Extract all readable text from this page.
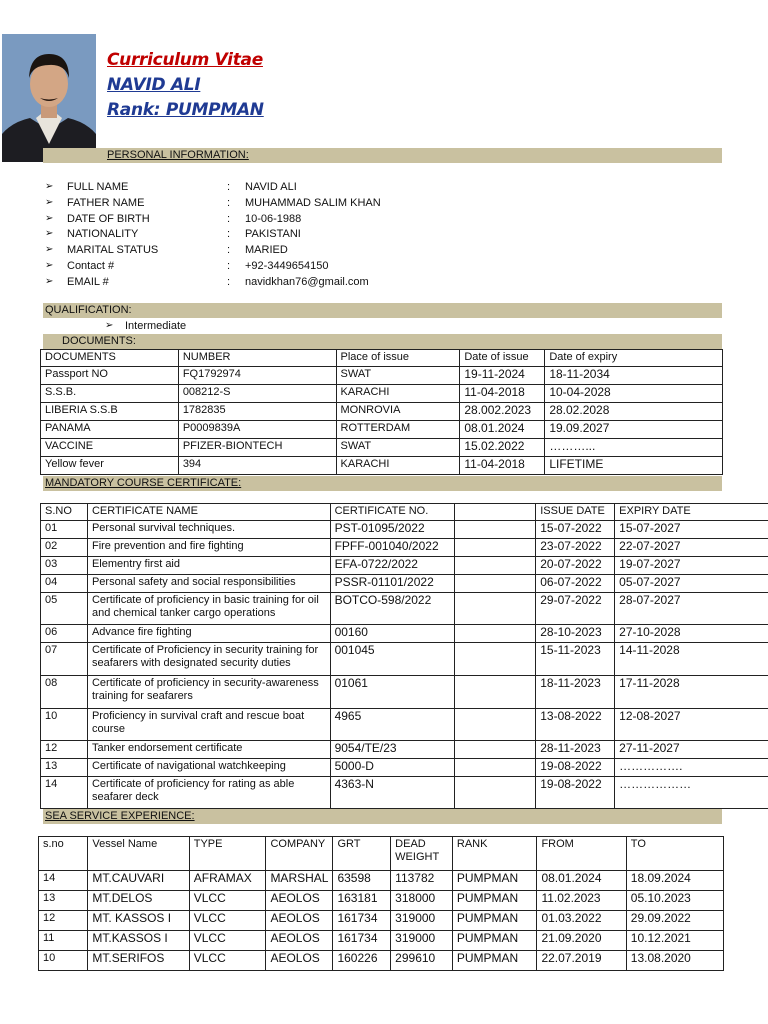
Curriculum Vitae
NAVID ALI
Rank: PUMPMAN
PERSONAL INFORMATION:
➢ FULL NAME	: NAVID ALI
➢ FATHER NAME	: MUHAMMAD SALIM KHAN
➢ DATE OF BIRTH	: 10-06-1988
➢ NATIONALITY	: PAKISTANI
➢ MARITAL STATUS	: MARIED
➢ Contact #	: +92-3449654150
➢ EMAIL #	: navidkhan76@gmail.com
QUALIFICATION:
➢ Intermediate
DOCUMENTS:
DOCUMENTS	NUMBER	Place of issue	Date of issue	Date of expiry
Passport NO	FQ1792974	SWAT	19-11-2024	18-11-2034
S.S.B.	008212-S	KARACHI	11-04-2018	10-04-2028
LIBERIA S.S.B	1782835	MONROVIA	28.002.2023	28.02.2028
PANAMA	P0009839A	ROTTERDAM	08.01.2024	19.09.2027
VACCINE	PFIZER-BIONTECH	SWAT	15.02.2022	………...
Yellow fever	394	KARACHI	11-04-2018	LIFETIME
MANDATORY COURSE CERTIFICATE:
S.NO	CERTIFICATE NAME	CERTIFICATE NO.		ISSUE DATE	EXPIRY DATE
01	Personal survival techniques.	PST-01095/2022		15-07-2022	15-07-2027
02	Fire prevention and fire fighting	FPFF-001040/2022		23-07-2022	22-07-2027
03	Elementry first aid	EFA-0722/2022		20-07-2022	19-07-2027
04	Personal safety and social responsibilities	PSSR-01101/2022		06-07-2022	05-07-2027
05	Certificate of proficiency in basic training for oil and chemical tanker cargo operations	BOTCO-598/2022		29-07-2022	28-07-2027
06	Advance fire fighting	00160		28-10-2023	27-10-2028
07	Certificate of Proficiency in security training for seafarers with designated security duties	001045		15-11-2023	14-11-2028
08	Certificate of proficiency in security-awareness training for seafarers	01061		18-11-2023	17-11-2028
10	Proficiency in survival craft and rescue boat course	4965		13-08-2022	12-08-2027
12	Tanker endorsement certificate	9054/TE/23		28-11-2023	27-11-2027
13	Certificate of navigational watchkeeping	5000-D		19-08-2022	…………….
14	Certificate of proficiency for rating as able seafarer deck	4363-N		19-08-2022	………………
SEA SERVICE EXPERIENCE:
s.no	Vessel Name	TYPE	COMPANY	GRT	DEAD WEIGHT	RANK	FROM	TO
14	MT.CAUVARI	AFRAMAX	MARSHAL	63598	113782	PUMPMAN	08.01.2024	18.09.2024
13	MT.DELOS	VLCC	AEOLOS	163181	318000	PUMPMAN	11.02.2023	05.10.2023
12	MT. KASSOS I	VLCC	AEOLOS	161734	319000	PUMPMAN	01.03.2022	29.09.2022
11	MT.KASSOS I	VLCC	AEOLOS	161734	319000	PUMPMAN	21.09.2020	10.12.2021
10	MT.SERIFOS	VLCC	AEOLOS	160226	299610	PUMPMAN	22.07.2019	13.08.2020
